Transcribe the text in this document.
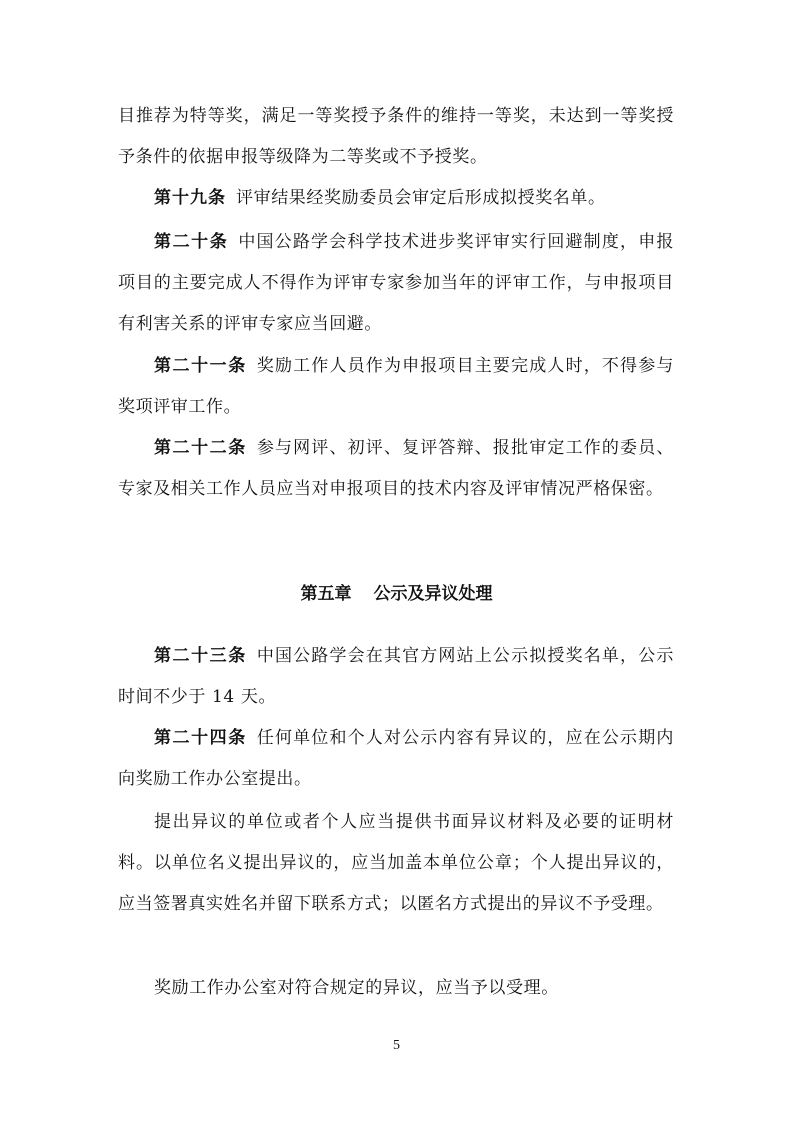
目推荐为特等奖，满足一等奖授予条件的维持一等奖，未达到一等奖授予条件的依据申报等级降为二等奖或不予授奖。

第十九条 评审结果经奖励委员会审定后形成拟授奖名单。

第二十条 中国公路学会科学技术进步奖评审实行回避制度，申报项目的主要完成人不得作为评审专家参加当年的评审工作，与申报项目有利害关系的评审专家应当回避。

第二十一条 奖励工作人员作为申报项目主要完成人时，不得参与奖项评审工作。

第二十二条 参与网评、初评、复评答辩、报批审定工作的委员、专家及相关工作人员应当对申报项目的技术内容及评审情况严格保密。

第五章 公示及异议处理

第二十三条 中国公路学会在其官方网站上公示拟授奖名单，公示时间不少于 14 天。

第二十四条 任何单位和个人对公示内容有异议的，应在公示期内向奖励工作办公室提出。

提出异议的单位或者个人应当提供书面异议材料及必要的证明材料。以单位名义提出异议的，应当加盖本单位公章；个人提出异议的，应当签署真实姓名并留下联系方式；以匿名方式提出的异议不予受理。

奖励工作办公室对符合规定的异议，应当予以受理。

5
